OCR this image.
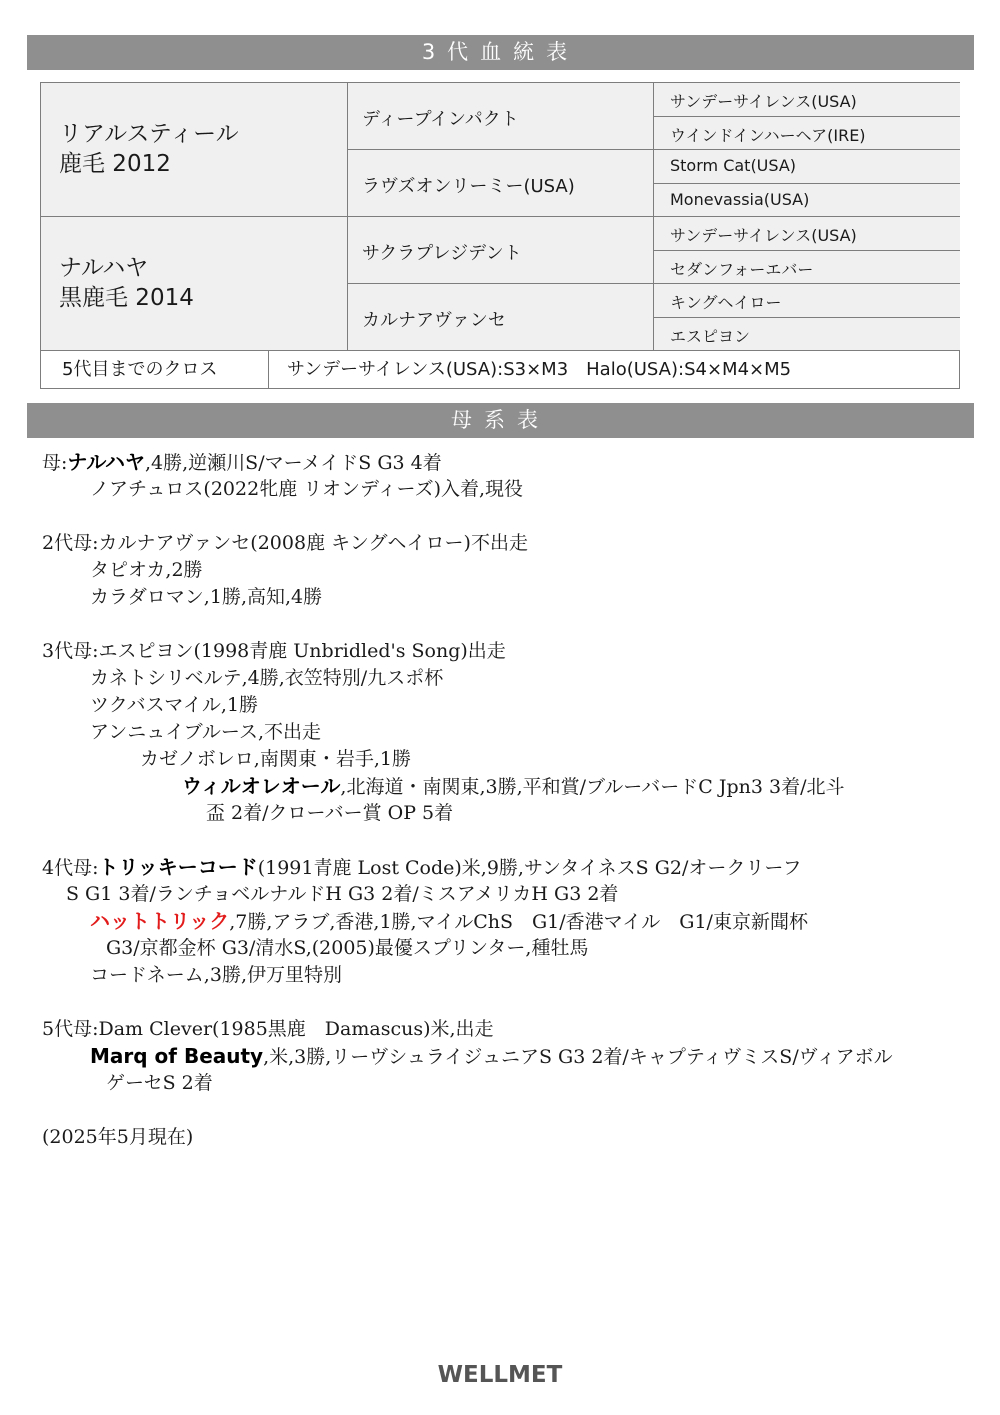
3代血統表
リアルスティール
鹿毛 2012
ディープインパクト
ラヴズオンリーミー(USA)
サンデーサイレンス(USA)
ウインドインハーヘア(IRE)
Storm Cat(USA)
Monevassia(USA)
ナルハヤ
黒鹿毛 2014
サクラプレジデント
カルナアヴァンセ
サンデーサイレンス(USA)
セダンフォーエバー
キングヘイロー
エスピヨン
5代目までのクロス	サンデーサイレンス(USA):S3×M3　Halo(USA):S4×M4×M5
母系表
母:ナルハヤ,4勝,逆瀬川S/マーメイドS G3 4着
ノアチュロス(2022牝鹿 リオンディーズ)入着,現役
2代母:カルナアヴァンセ(2008鹿 キングヘイロー)不出走
タピオカ,2勝
カラダロマン,1勝,高知,4勝
3代母:エスピヨン(1998青鹿 Unbridled's Song)出走
カネトシリベルテ,4勝,衣笠特別/九スポ杯
ツクバスマイル,1勝
アンニュイブルース,不出走
カゼノボレロ,南関東・岩手,1勝
ウィルオレオール,北海道・南関東,3勝,平和賞/ブルーバードC Jpn3 3着/北斗
盃 2着/クローバー賞 OP 5着
4代母:トリッキーコード(1991青鹿 Lost Code)米,9勝,サンタイネスS G2/オークリーフ
S G1 3着/ランチョベルナルドH G3 2着/ミスアメリカH G3 2着
ハットトリック,7勝,アラブ,香港,1勝,マイルChS　G1/香港マイル　G1/東京新聞杯
G3/京都金杯 G3/清水S,(2005)最優スプリンター,種牡馬
コードネーム,3勝,伊万里特別
5代母:Dam Clever(1985黒鹿　Damascus)米,出走
Marq of Beauty,米,3勝,リーヴシュライジュニアS G3 2着/キャプティヴミスS/ヴィアボル
ゲーセS 2着
(2025年5月現在)
WELLMET
